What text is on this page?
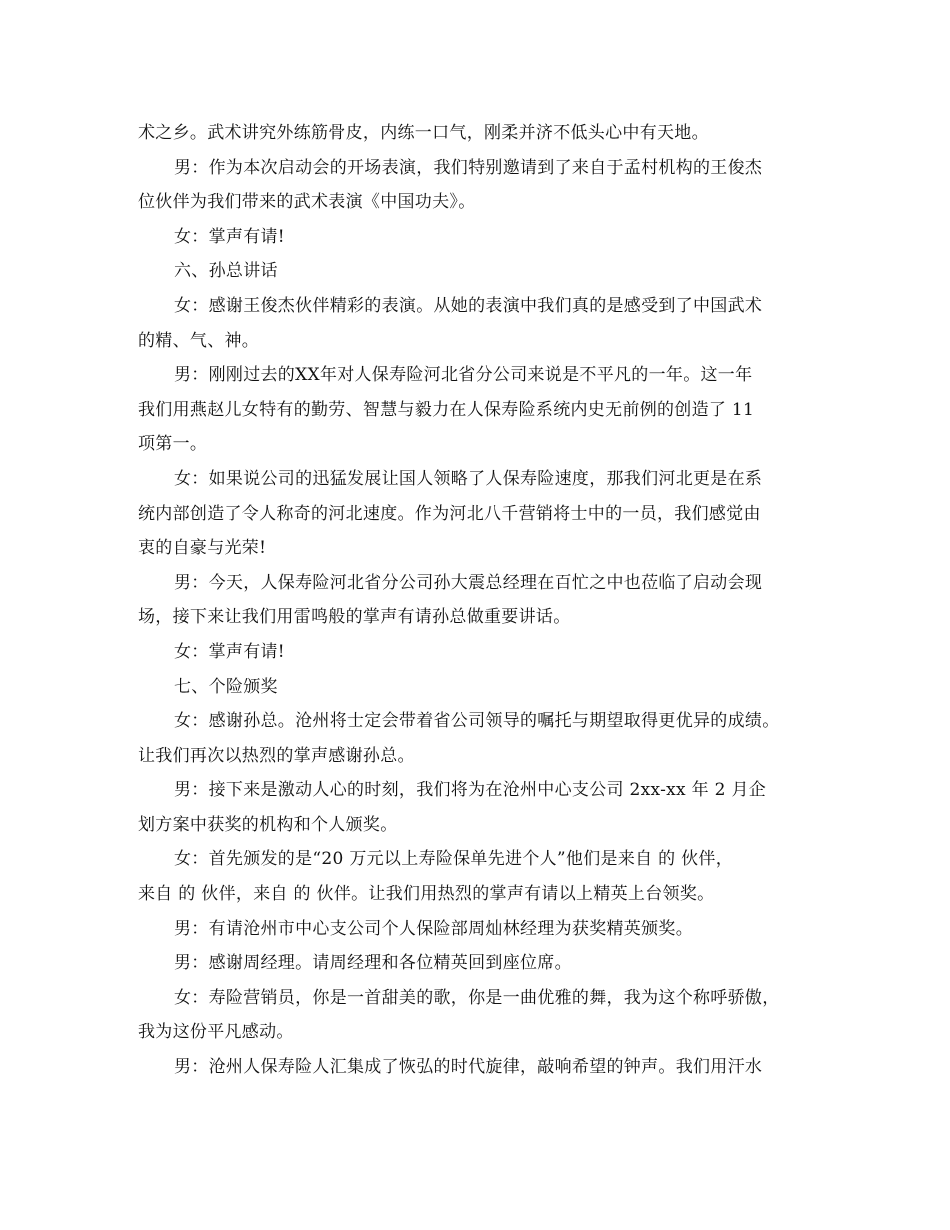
术之乡。武术讲究外练筋骨皮，内练一口气，刚柔并济不低头心中有天地。
男：作为本次启动会的开场表演，我们特别邀请到了来自于孟村机构的王俊杰
位伙伴为我们带来的武术表演《中国功夫》。
女：掌声有请!
六、孙总讲话
女：感谢王俊杰伙伴精彩的表演。从她的表演中我们真的是感受到了中国武术
的精、气、神。
男：刚刚过去的XX年对人保寿险河北省分公司来说是不平凡的一年。这一年
我们用燕赵儿女特有的勤劳、智慧与毅力在人保寿险系统内史无前例的创造了 11
项第一。
女：如果说公司的迅猛发展让国人领略了人保寿险速度，那我们河北更是在系
统内部创造了令人称奇的河北速度。作为河北八千营销将士中的一员，我们感觉由
衷的自豪与光荣!
男：今天，人保寿险河北省分公司孙大震总经理在百忙之中也莅临了启动会现
场，接下来让我们用雷鸣般的掌声有请孙总做重要讲话。
女：掌声有请!
七、个险颁奖
女：感谢孙总。沧州将士定会带着省公司领导的嘱托与期望取得更优异的成绩。
让我们再次以热烈的掌声感谢孙总。
男：接下来是激动人心的时刻，我们将为在沧州中心支公司 2xx-xx 年 2 月企
划方案中获奖的机构和个人颁奖。
女：首先颁发的是“20 万元以上寿险保单先进个人”他们是来自 的 伙伴，
来自 的 伙伴，来自 的 伙伴。让我们用热烈的掌声有请以上精英上台领奖。
男：有请沧州市中心支公司个人保险部周灿林经理为获奖精英颁奖。
男：感谢周经理。请周经理和各位精英回到座位席。
女：寿险营销员，你是一首甜美的歌，你是一曲优雅的舞，我为这个称呼骄傲，
我为这份平凡感动。
男：沧州人保寿险人汇集成了恢弘的时代旋律，敲响希望的钟声。我们用汗水
